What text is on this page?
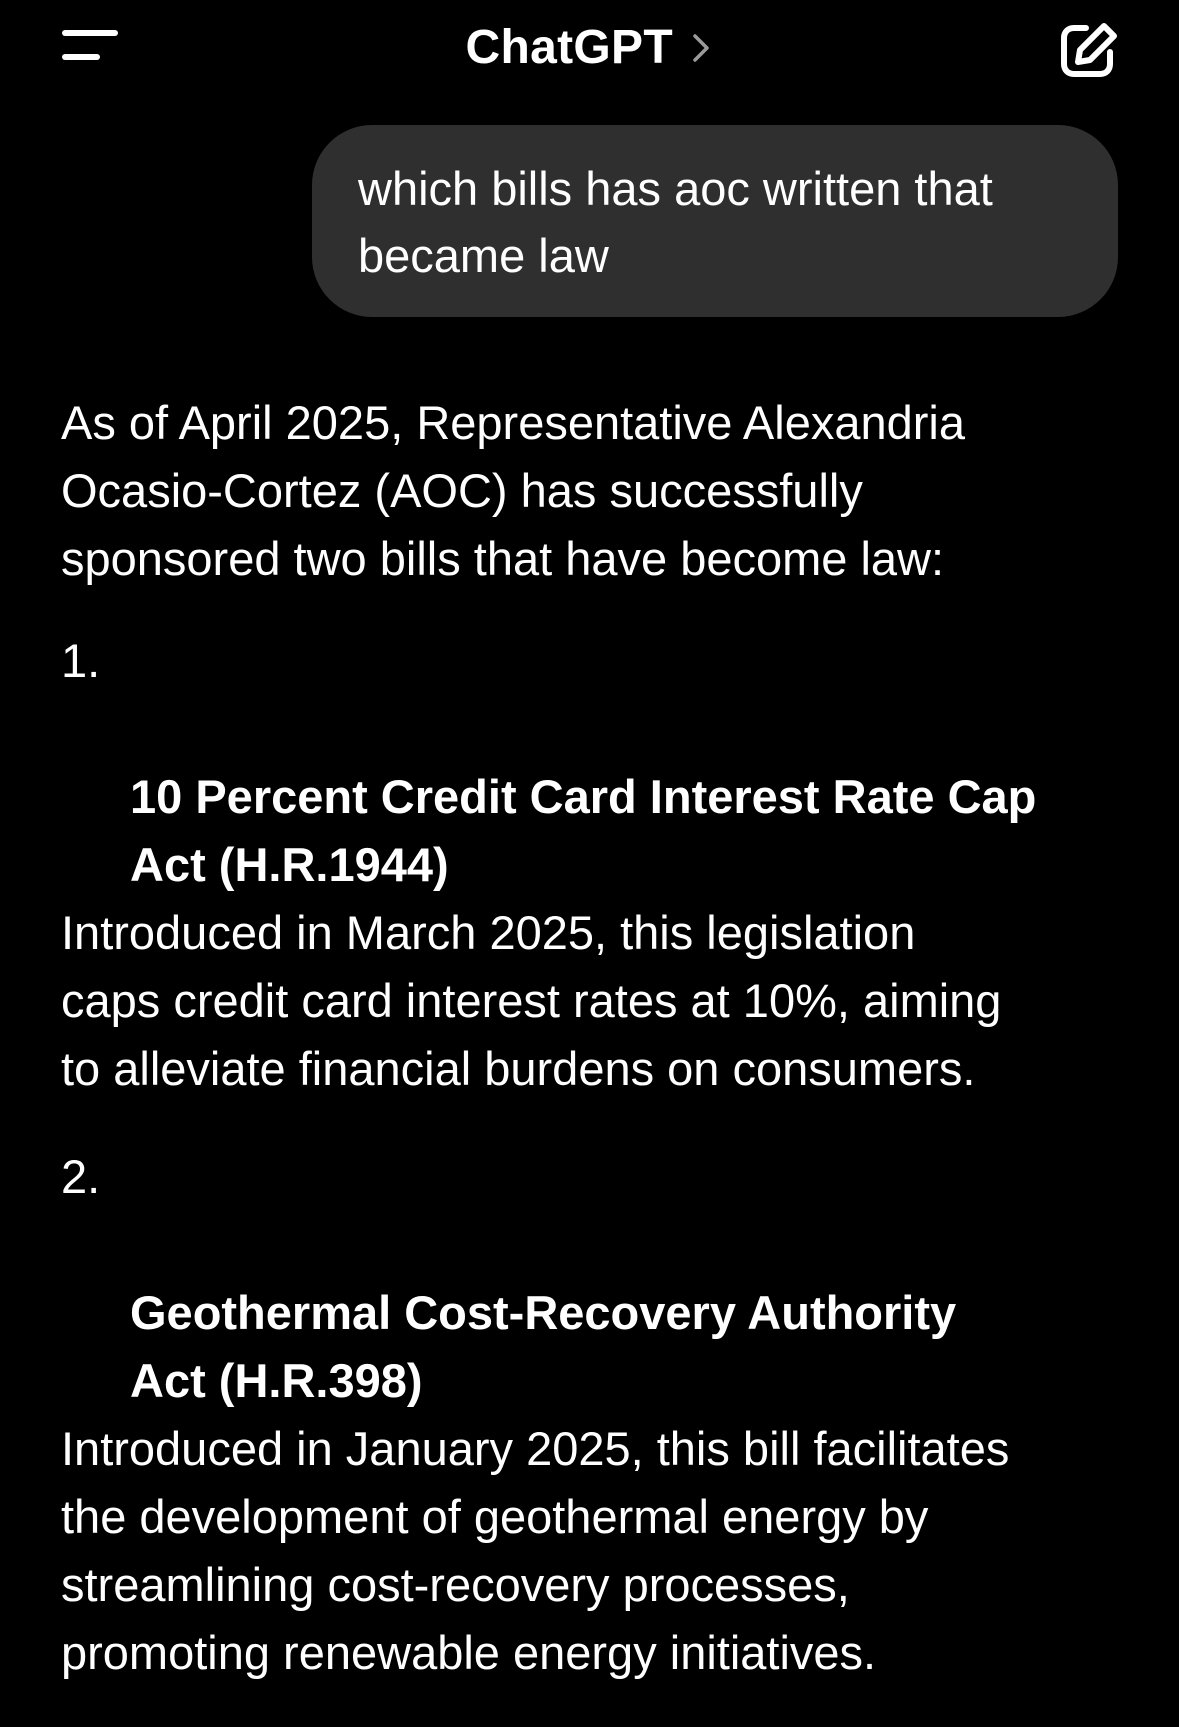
ChatGPT
which bills has aoc written that
became law

As of April 2025, Representative Alexandria
Ocasio-Cortez (AOC) has successfully
sponsored two bills that have become law:

1.

10 Percent Credit Card Interest Rate Cap
Act (H.R.1944)

Introduced in March 2025, this legislation
caps credit card interest rates at 10%, aiming
to alleviate financial burdens on consumers.

2.

Geothermal Cost-Recovery Authority
Act (H.R.398)

Introduced in January 2025, this bill facilitates
the development of geothermal energy by
streamlining cost-recovery processes,
promoting renewable energy initiatives.
